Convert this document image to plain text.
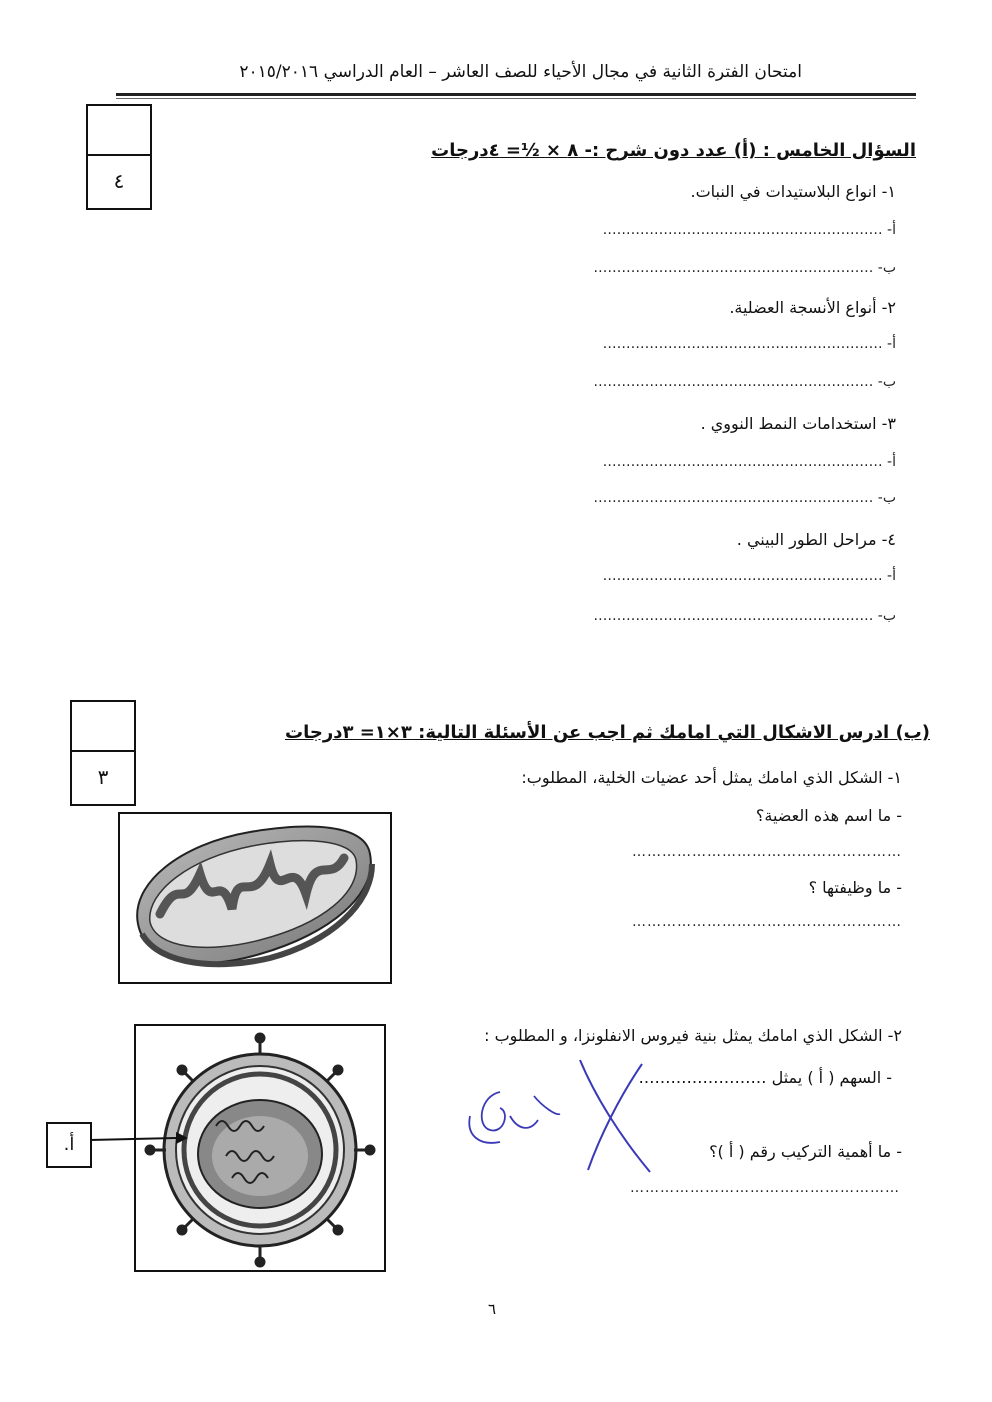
امتحان الفترة الثانية في مجال الأحياء للصف العاشر – العام الدراسي ٢٠١٥/٢٠١٦
٤
السؤال الخامس : (أ) عدد دون شرح :- ٨ × ½= ٤درجات
١- انواع البلاستيدات في النبات.
أ- ……………………………………………………
ب- ……………………………………………………
٢- أنواع الأنسجة العضلية.
أ- ……………………………………………………
ب- ……………………………………………………
٣- استخدامات النمط النووي .
أ- ……………………………………………………
ب- ……………………………………………………
٤- مراحل الطور البيني .
أ- ……………………………………………………
ب- ……………………………………………………
٣
(ب) ادرس الاشكال التي امامك ثم اجب عن الأسئلة التالية: ٣×١= ٣درجات
١- الشكل الذي امامك يمثل أحد عضيات الخلية، المطلوب:
- ما اسم هذه العضية؟
………………………………………………
- ما وظيفتها ؟
………………………………………………
٢- الشكل الذي امامك يمثل بنية فيروس الانفلونزا، و المطلوب :
- السهم ( أ ) يمثل ……………………
- ما أهمية التركيب رقم ( أ )؟
………………………………………………
أ.
٦
